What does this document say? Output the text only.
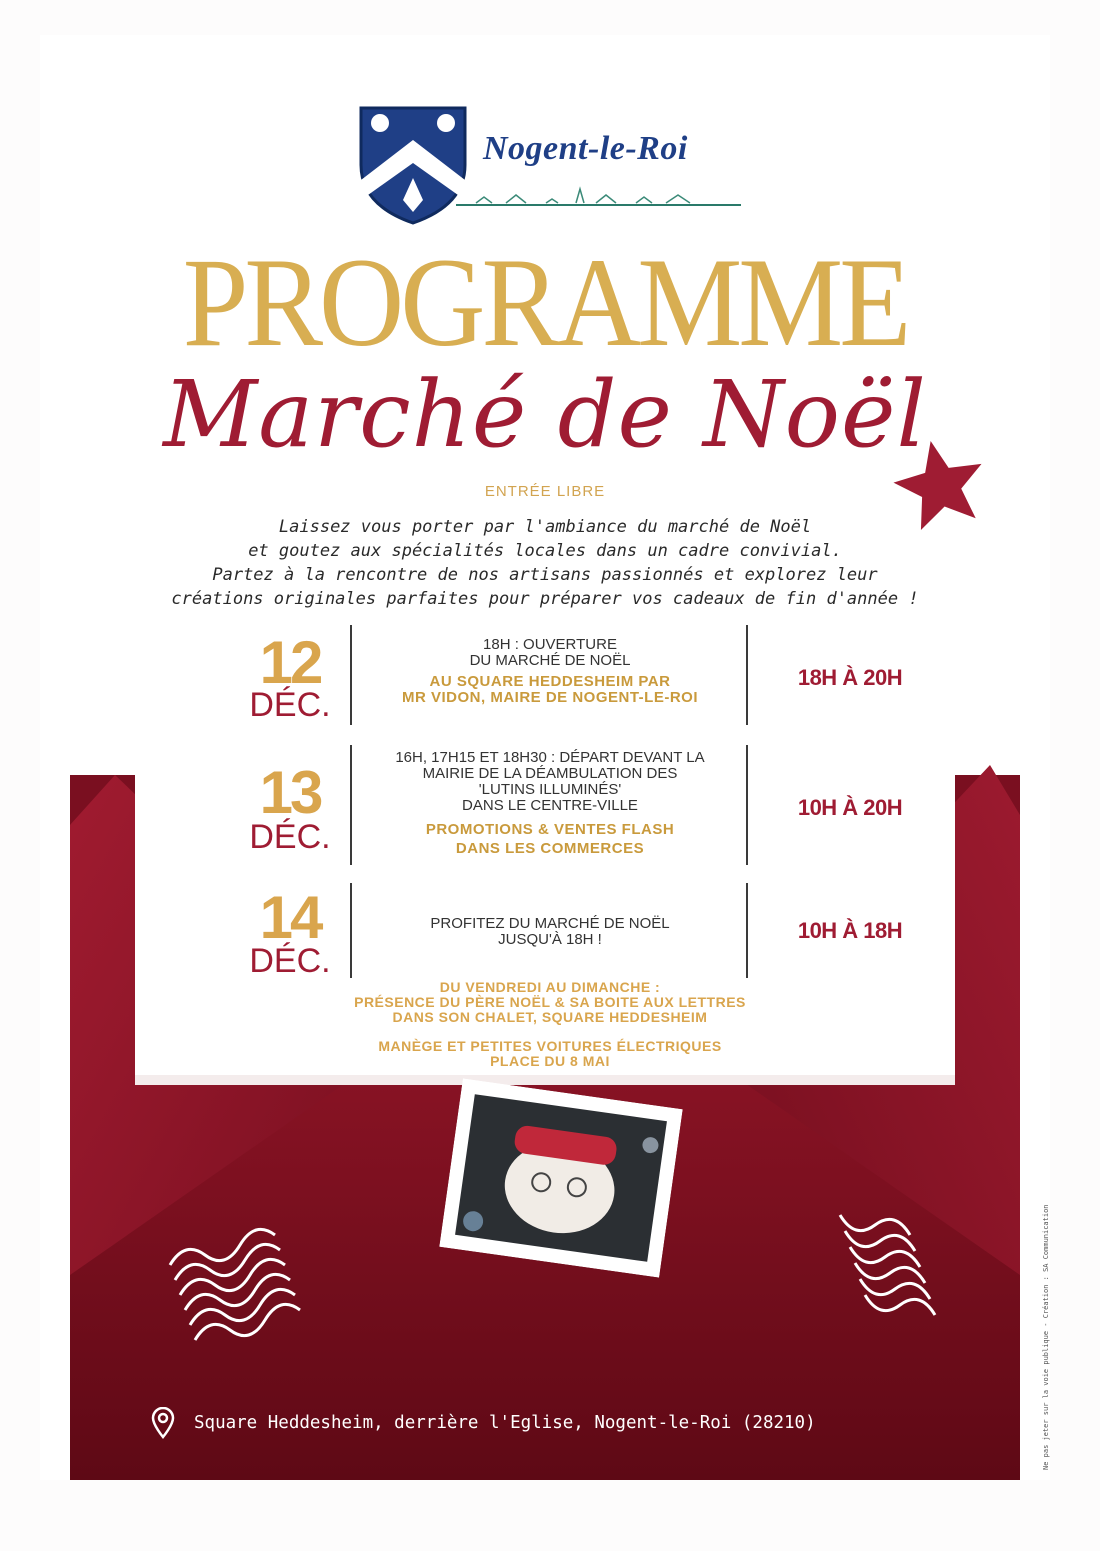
Nogent-le-Roi
PROGRAMME
Marché de Noël
ENTRÉE LIBRE
Laissez vous porter par l'ambiance du marché de Noël
et goutez aux spécialités locales dans un cadre convivial.
Partez à la rencontre de nos artisans passionnés et explorez leur
créations originales parfaites pour préparer vos cadeaux de fin d'année !
12
DÉC.
18H : OUVERTURE
DU MARCHÉ DE NOËL
AU SQUARE HEDDESHEIM PAR
MR VIDON, MAIRE DE NOGENT-LE-ROI
18H À 20H
13
DÉC.
16H, 17H15 ET 18H30 : DÉPART DEVANT LA
MAIRIE DE LA DÉAMBULATION DES
'LUTINS ILLUMINÉS'
DANS LE CENTRE-VILLE
PROMOTIONS & VENTES FLASH
DANS LES COMMERCES
10H À 20H
14
DÉC.
PROFITEZ DU MARCHÉ DE NOËL
JUSQU'À 18H !	10H À 18H
DU VENDREDI AU DIMANCHE :
PRÉSENCE DU PÈRE NOËL & SA BOITE AUX LETTRES
DANS SON CHALET, SQUARE HEDDESHEIM
MANÈGE ET PETITES VOITURES ÉLECTRIQUES
PLACE DU 8 MAI
Square Heddesheim, derrière l'Eglise, Nogent-le-Roi (28210)	Ne pas jeter sur la voie publique - Création : SA Communication
